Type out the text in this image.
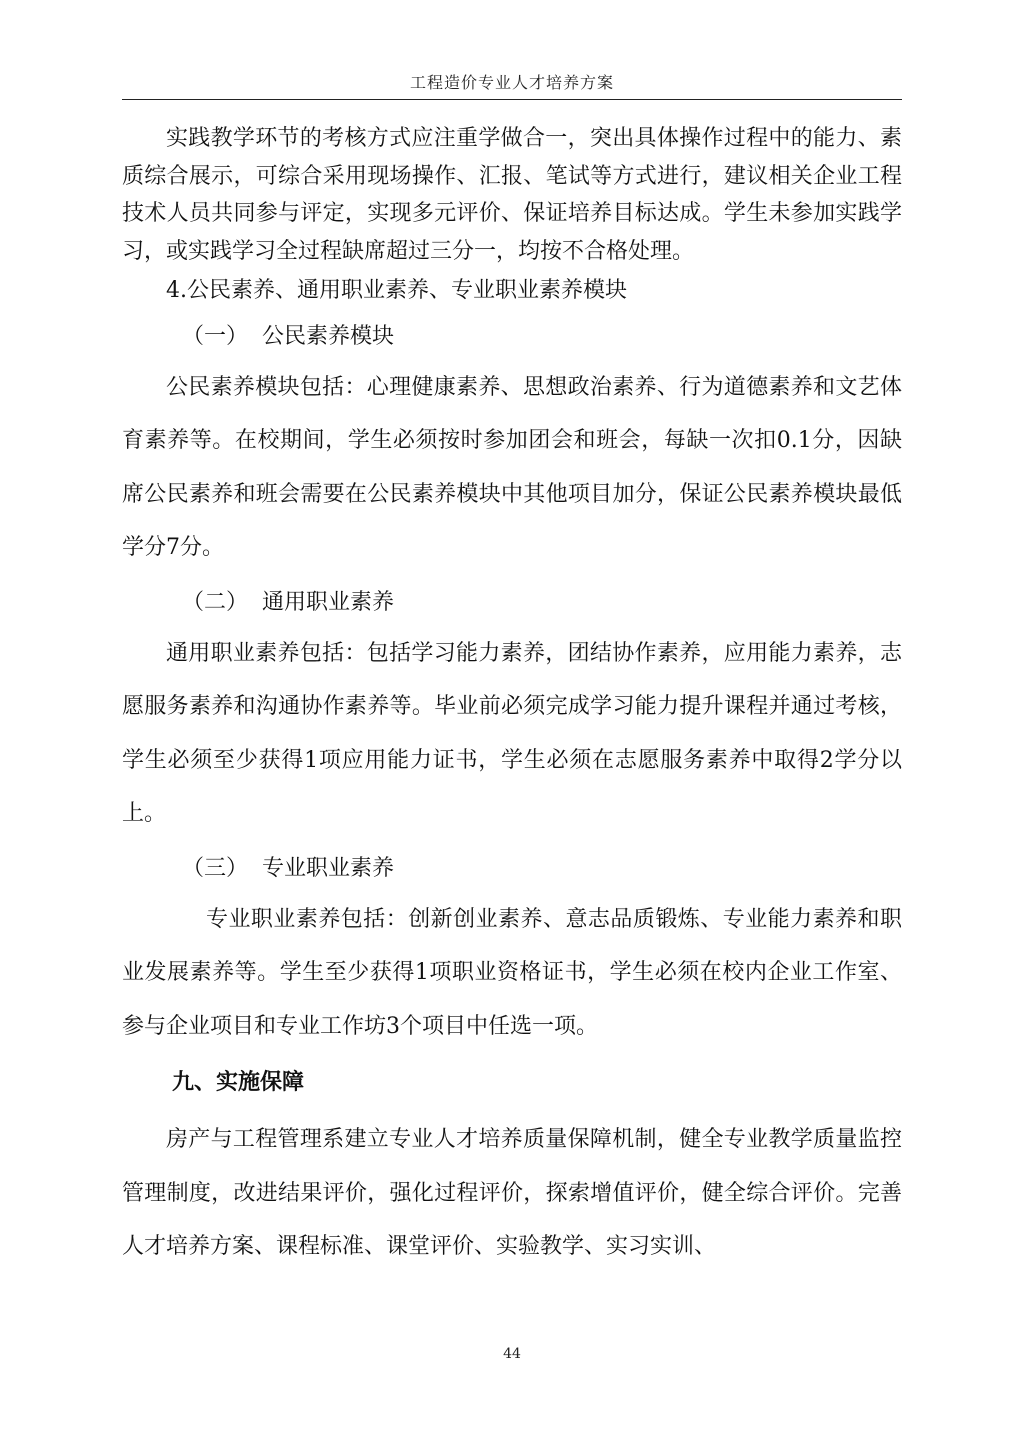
工程造价专业人才培养方案

实践教学环节的考核方式应注重学做合一，突出具体操作过程中的能力、素质综合展示，可综合采用现场操作、汇报、笔试等方式进行，建议相关企业工程技术人员共同参与评定，实现多元评价、保证培养目标达成。学生未参加实践学习，或实践学习全过程缺席超过三分一，均按不合格处理。

4.公民素养、通用职业素养、专业职业素养模块

（一） 公民素养模块

公民素养模块包括：心理健康素养、思想政治素养、行为道德素养和文艺体育素养等。在校期间，学生必须按时参加团会和班会，每缺一次扣0.1分，因缺席公民素养和班会需要在公民素养模块中其他项目加分，保证公民素养模块最低学分7分。

（二） 通用职业素养

通用职业素养包括：包括学习能力素养，团结协作素养，应用能力素养，志愿服务素养和沟通协作素养等。毕业前必须完成学习能力提升课程并通过考核，学生必须至少获得1项应用能力证书，学生必须在志愿服务素养中取得2学分以上。

（三） 专业职业素养

专业职业素养包括：创新创业素养、意志品质锻炼、专业能力素养和职业发展素养等。学生至少获得1项职业资格证书，学生必须在校内企业工作室、参与企业项目和专业工作坊3个项目中任选一项。

九、实施保障

房产与工程管理系建立专业人才培养质量保障机制，健全专业教学质量监控管理制度，改进结果评价，强化过程评价，探索增值评价，健全综合评价。完善人才培养方案、课程标准、课堂评价、实验教学、实习实训、

44
